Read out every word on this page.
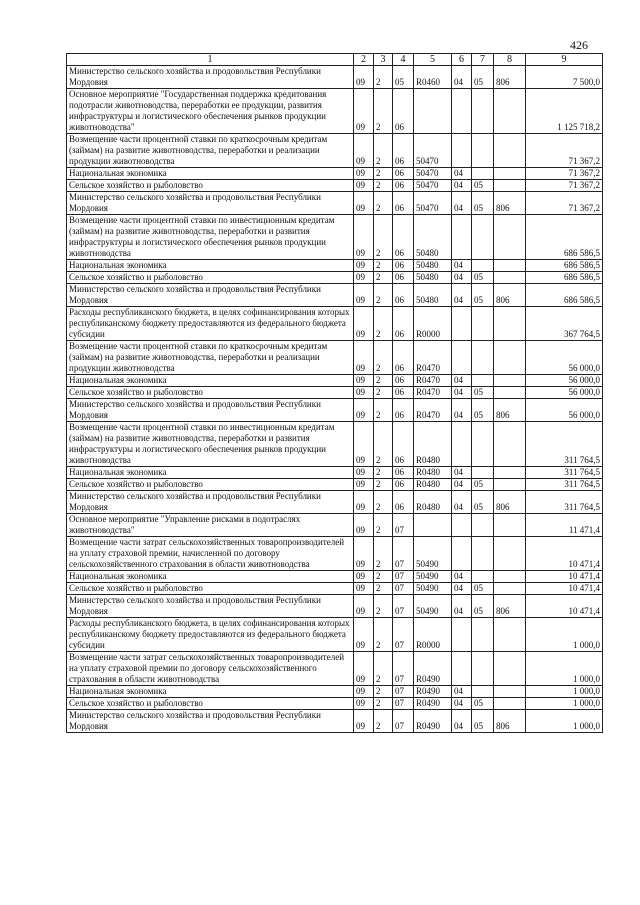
426
1	2	3	4	5	6	7	8	9
Министерство сельского хозяйства и продовольствия Республики Мордовия	09	2	05	R0460	04	05	806	7 500,0
Основное мероприятие "Государственная поддержка кредитования подотрасли животноводства, переработки ее продукции, развития инфраструктуры и логистического обеспечения рынков продукции животноводства"	09	2	06					1 125 718,2
Возмещение части процентной ставки по краткосрочным кредитам (займам) на развитие животноводства, переработки и реализации продукции животноводства	09	2	06	50470				71 367,2
Национальная экономика	09	2	06	50470	04			71 367,2
Сельское хозяйство и рыболовство	09	2	06	50470	04	05		71 367,2
Министерство сельского хозяйства и продовольствия Республики Мордовия	09	2	06	50470	04	05	806	71 367,2
Возмещение части процентной ставки по инвестиционным кредитам (займам) на развитие животноводства, переработки и развития инфраструктуры и логистического обеспечения рынков продукции животноводства	09	2	06	50480				686 586,5
Национальная экономика	09	2	06	50480	04			686 586,5
Сельское хозяйство и рыболовство	09	2	06	50480	04	05		686 586,5
Министерство сельского хозяйства и продовольствия Республики Мордовия	09	2	06	50480	04	05	806	686 586,5
Расходы республиканского бюджета, в целях софинансирования которых республиканскому бюджету предоставляются из федерального бюджета субсидии	09	2	06	R0000				367 764,5
Возмещение части процентной ставки по краткосрочным кредитам (займам) на развитие животноводства, переработки и реализации продукции животноводства	09	2	06	R0470				56 000,0
Национальная экономика	09	2	06	R0470	04			56 000,0
Сельское хозяйство и рыболовство	09	2	06	R0470	04	05		56 000,0
Министерство сельского хозяйства и продовольствия Республики Мордовия	09	2	06	R0470	04	05	806	56 000,0
Возмещение части процентной ставки по инвестиционным кредитам (займам) на развитие животноводства, переработки и развития инфраструктуры и логистического обеспечения рынков продукции животноводства	09	2	06	R0480				311 764,5
Национальная экономика	09	2	06	R0480	04			311 764,5
Сельское хозяйство и рыболовство	09	2	06	R0480	04	05		311 764,5
Министерство сельского хозяйства и продовольствия Республики Мордовия	09	2	06	R0480	04	05	806	311 764,5
Основное мероприятие "Управление рисками в подотраслях животноводства"	09	2	07					11 471,4
Возмещение части затрат сельскохозяйственных товаропроизводителей на уплату страховой премии, начисленной по договору сельскохозяйственного страхования в области животноводства	09	2	07	50490				10 471,4
Национальная экономика	09	2	07	50490	04			10 471,4
Сельское хозяйство и рыболовство	09	2	07	50490	04	05		10 471,4
Министерство сельского хозяйства и продовольствия Республики Мордовия	09	2	07	50490	04	05	806	10 471,4
Расходы республиканского бюджета, в целях софинансирования которых республиканскому бюджету предоставляются из федерального бюджета субсидии	09	2	07	R0000				1 000,0
Возмещение части затрат сельскохозяйственных товаропроизводителей на уплату страховой премии по договору сельскохозяйственного страхования в области животноводства	09	2	07	R0490				1 000,0
Национальная экономика	09	2	07	R0490	04			1 000,0
Сельское хозяйство и рыболовство	09	2	07	R0490	04	05		1 000,0
Министерство сельского хозяйства и продовольствия Республики Мордовия	09	2	07	R0490	04	05	806	1 000,0
